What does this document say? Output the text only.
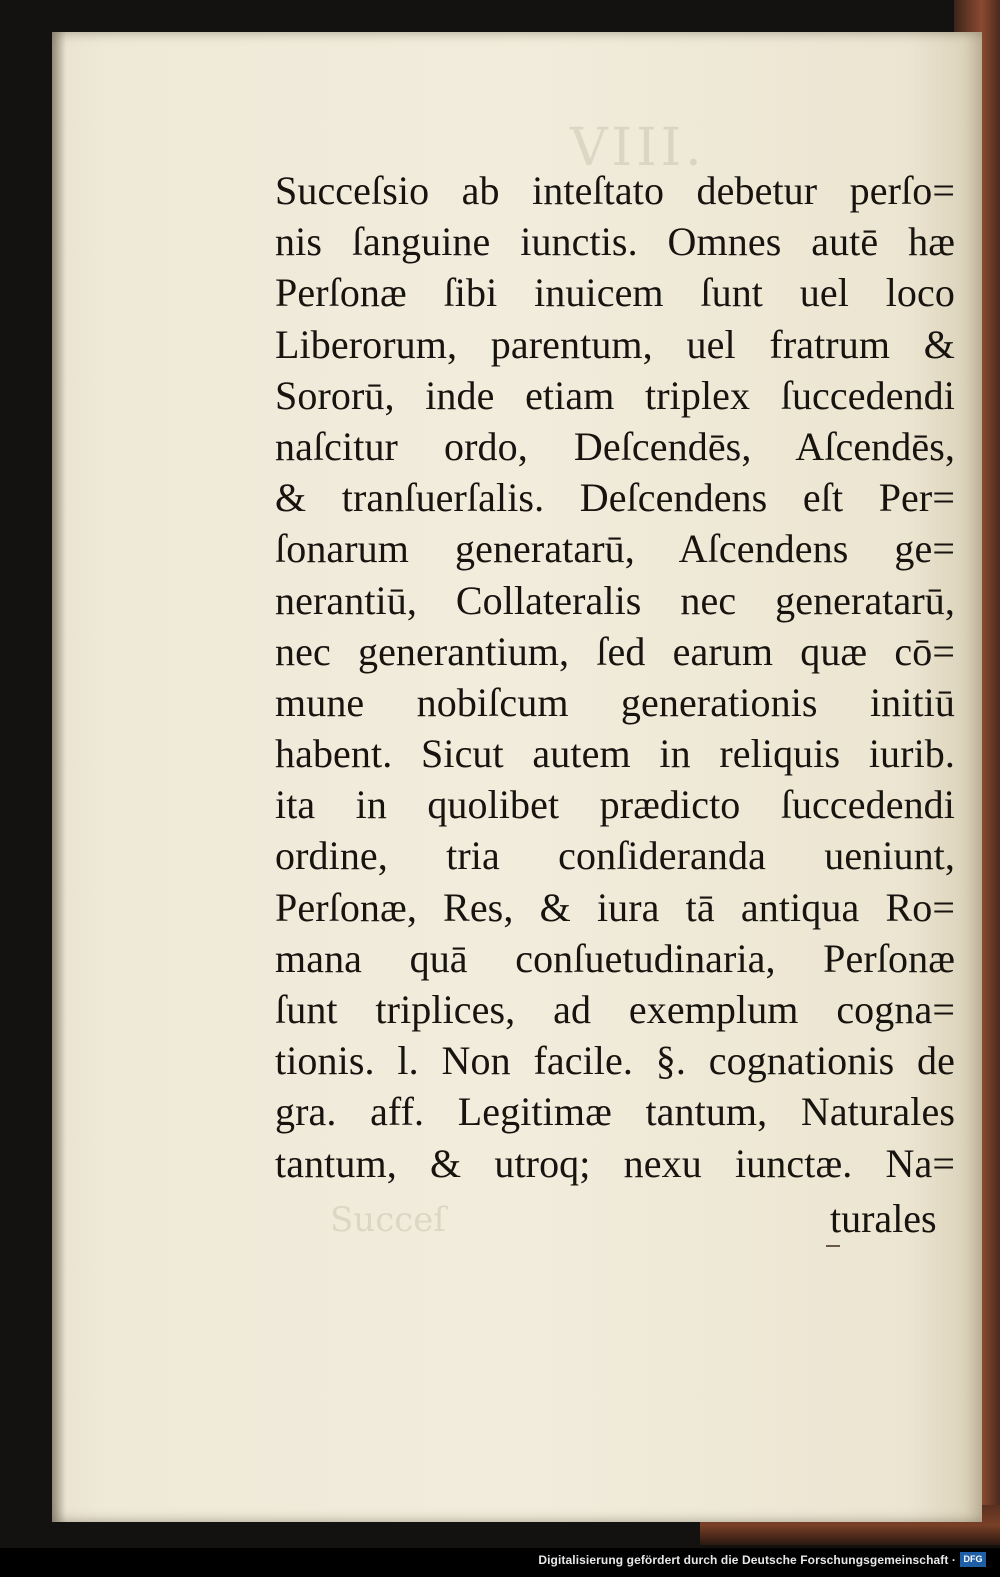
VIII.
Succeſ
Succeſsio ab inteſtato debetur perſo=
nis ſanguine iunctis. Omnes autē hæ
Perſonæ ſibi inuicem ſunt uel loco
Liberorum, parentum, uel fratrum &
Sororū, inde etiam triplex ſuccedendi
naſcitur ordo, Deſcendēs, Aſcendēs,
& tranſuerſalis. Deſcendens eſt Per=
ſonarum generatarū, Aſcendens ge=
nerantiū, Collateralis nec generatarū,
nec generantium, ſed earum quæ cō=
mune nobiſcum generationis initiū
habent. Sicut autem in reliquis iurib.
ita in quolibet prædicto ſuccedendi
ordine, tria conſideranda ueniunt,
Perſonæ, Res, & iura tā antiqua Ro=
mana quā conſuetudinaria, Perſonæ
ſunt triplices, ad exemplum cogna=
tionis. l. Non facile. §. cognationis de
gra. aff. Legitimæ tantum, Naturales
tantum, & utroq; nexu iunctæ. Na=
turales
Digitalisierung gefördert durch die Deutsche Forschungsgemeinschaft · DFG
